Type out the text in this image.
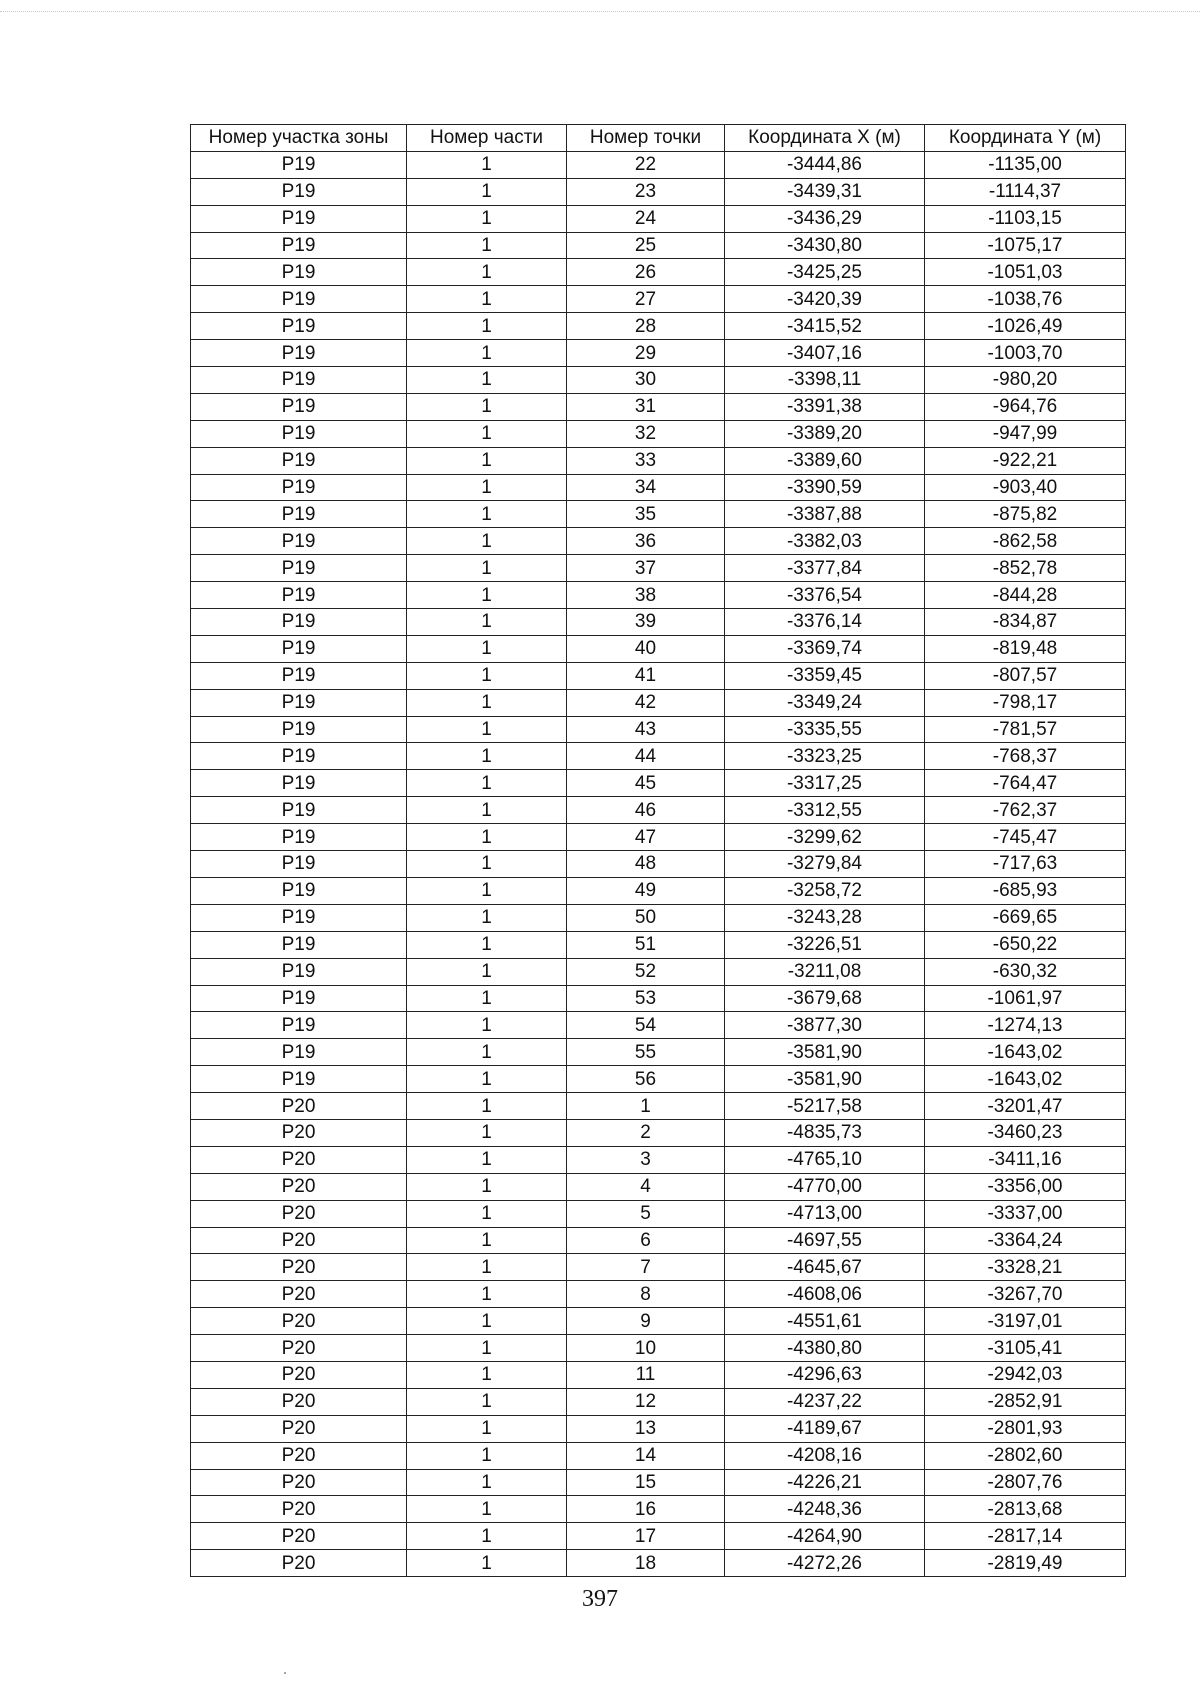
Номер участка зоны	Номер части	Номер точки	Координата X (м)	Координата Y (м)
Р19	1	22	-3444,86	-1135,00
Р19	1	23	-3439,31	-1114,37
Р19	1	24	-3436,29	-1103,15
Р19	1	25	-3430,80	-1075,17
Р19	1	26	-3425,25	-1051,03
Р19	1	27	-3420,39	-1038,76
Р19	1	28	-3415,52	-1026,49
Р19	1	29	-3407,16	-1003,70
Р19	1	30	-3398,11	-980,20
Р19	1	31	-3391,38	-964,76
Р19	1	32	-3389,20	-947,99
Р19	1	33	-3389,60	-922,21
Р19	1	34	-3390,59	-903,40
Р19	1	35	-3387,88	-875,82
Р19	1	36	-3382,03	-862,58
Р19	1	37	-3377,84	-852,78
Р19	1	38	-3376,54	-844,28
Р19	1	39	-3376,14	-834,87
Р19	1	40	-3369,74	-819,48
Р19	1	41	-3359,45	-807,57
Р19	1	42	-3349,24	-798,17
Р19	1	43	-3335,55	-781,57
Р19	1	44	-3323,25	-768,37
Р19	1	45	-3317,25	-764,47
Р19	1	46	-3312,55	-762,37
Р19	1	47	-3299,62	-745,47
Р19	1	48	-3279,84	-717,63
Р19	1	49	-3258,72	-685,93
Р19	1	50	-3243,28	-669,65
Р19	1	51	-3226,51	-650,22
Р19	1	52	-3211,08	-630,32
Р19	1	53	-3679,68	-1061,97
Р19	1	54	-3877,30	-1274,13
Р19	1	55	-3581,90	-1643,02
Р19	1	56	-3581,90	-1643,02
Р20	1	1	-5217,58	-3201,47
Р20	1	2	-4835,73	-3460,23
Р20	1	3	-4765,10	-3411,16
Р20	1	4	-4770,00	-3356,00
Р20	1	5	-4713,00	-3337,00
Р20	1	6	-4697,55	-3364,24
Р20	1	7	-4645,67	-3328,21
Р20	1	8	-4608,06	-3267,70
Р20	1	9	-4551,61	-3197,01
Р20	1	10	-4380,80	-3105,41
Р20	1	11	-4296,63	-2942,03
Р20	1	12	-4237,22	-2852,91
Р20	1	13	-4189,67	-2801,93
Р20	1	14	-4208,16	-2802,60
Р20	1	15	-4226,21	-2807,76
Р20	1	16	-4248,36	-2813,68
Р20	1	17	-4264,90	-2817,14
Р20	1	18	-4272,26	-2819,49
397
